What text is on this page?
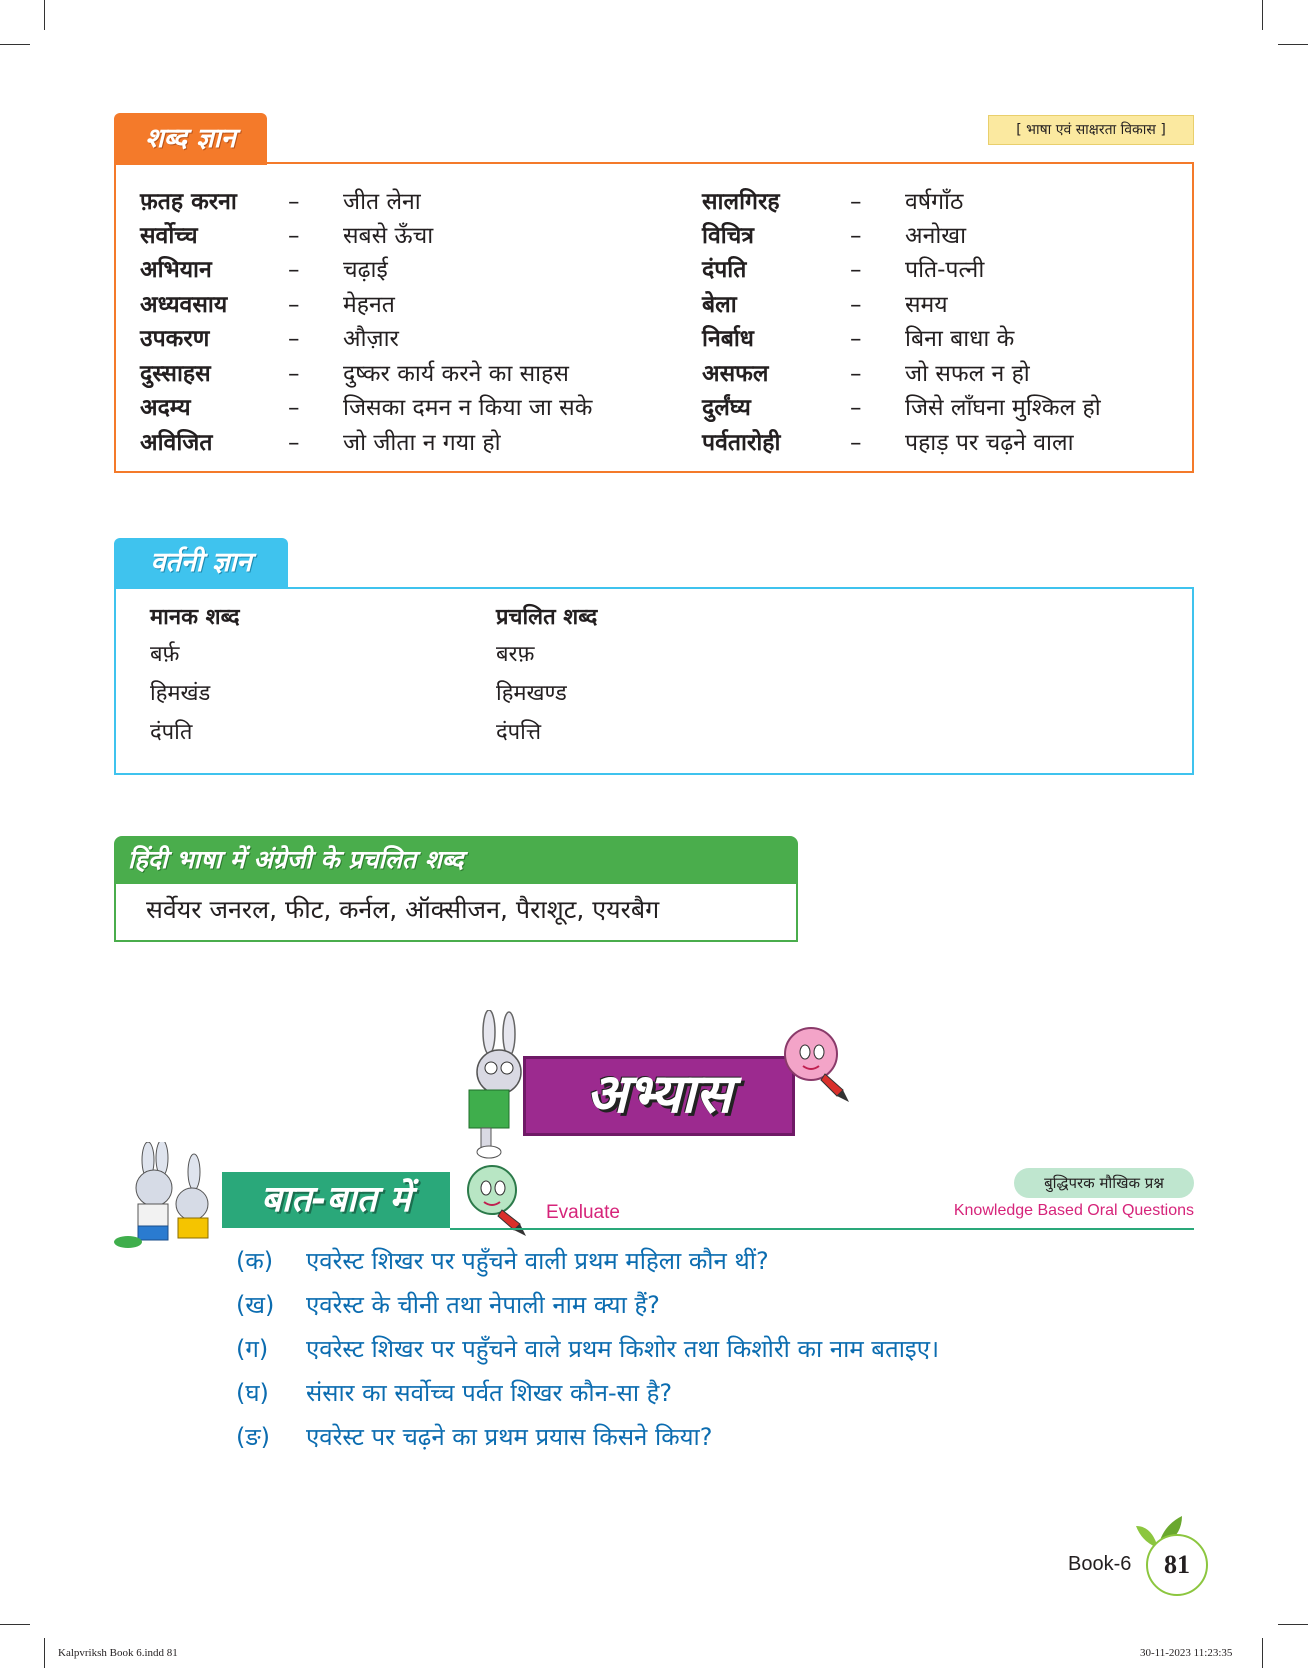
शब्द ज्ञान	[ भाषा एवं साक्षरता विकास ]
फ़तह करना – जीत लेना
सर्वोच्च	– सबसे ऊँचा
अभियान	– चढ़ाई
अध्यवसाय	– मेहनत
उपकरण	– औज़ार
दुस्साहस	– दुष्कर कार्य करने का साहस
अदम्य	– जिसका दमन न किया जा सके
अविजित	– जो जीता न गया हो
सालगिरह	– वर्षगाँठ
विचित्र	– अनोखा
दंपति	– पति-पत्नी
बेला	– समय
निर्बाध	– बिना बाधा के
असफल	– जो सफल न हो
दुर्लंघ्य	– जिसे लाँघना मुश्किल हो
पर्वतारोही	– पहाड़ पर चढ़ने वाला
वर्तनी ज्ञान
मानक शब्द	प्रचलित शब्द
बर्फ़	बरफ़
हिमखंड	हिमखण्ड
दंपति	दंपत्ति
हिंदी भाषा में अंग्रेजी के प्रचलित शब्द
सर्वेयर जनरल, फीट, कर्नल, ऑक्सीजन, पैराशूट, एयरबैग
अभ्यास
बात-बात में	Evaluate
बुद्धिपरक मौखिक प्रश्न
Knowledge Based Oral Questions
(क) एवरेस्ट शिखर पर पहुँचने वाली प्रथम महिला कौन थीं?
(ख) एवरेस्ट के चीनी तथा नेपाली नाम क्या हैं?
(ग) एवरेस्ट शिखर पर पहुँचने वाले प्रथम किशोर तथा किशोरी का नाम बताइए।
(घ) संसार का सर्वोच्च पर्वत शिखर कौन-सा है?
(ङ) एवरेस्ट पर चढ़ने का प्रथम प्रयास किसने किया?
Book-6	81
Kalpvriksh Book 6.indd 81	30-11-2023 11:23:35
